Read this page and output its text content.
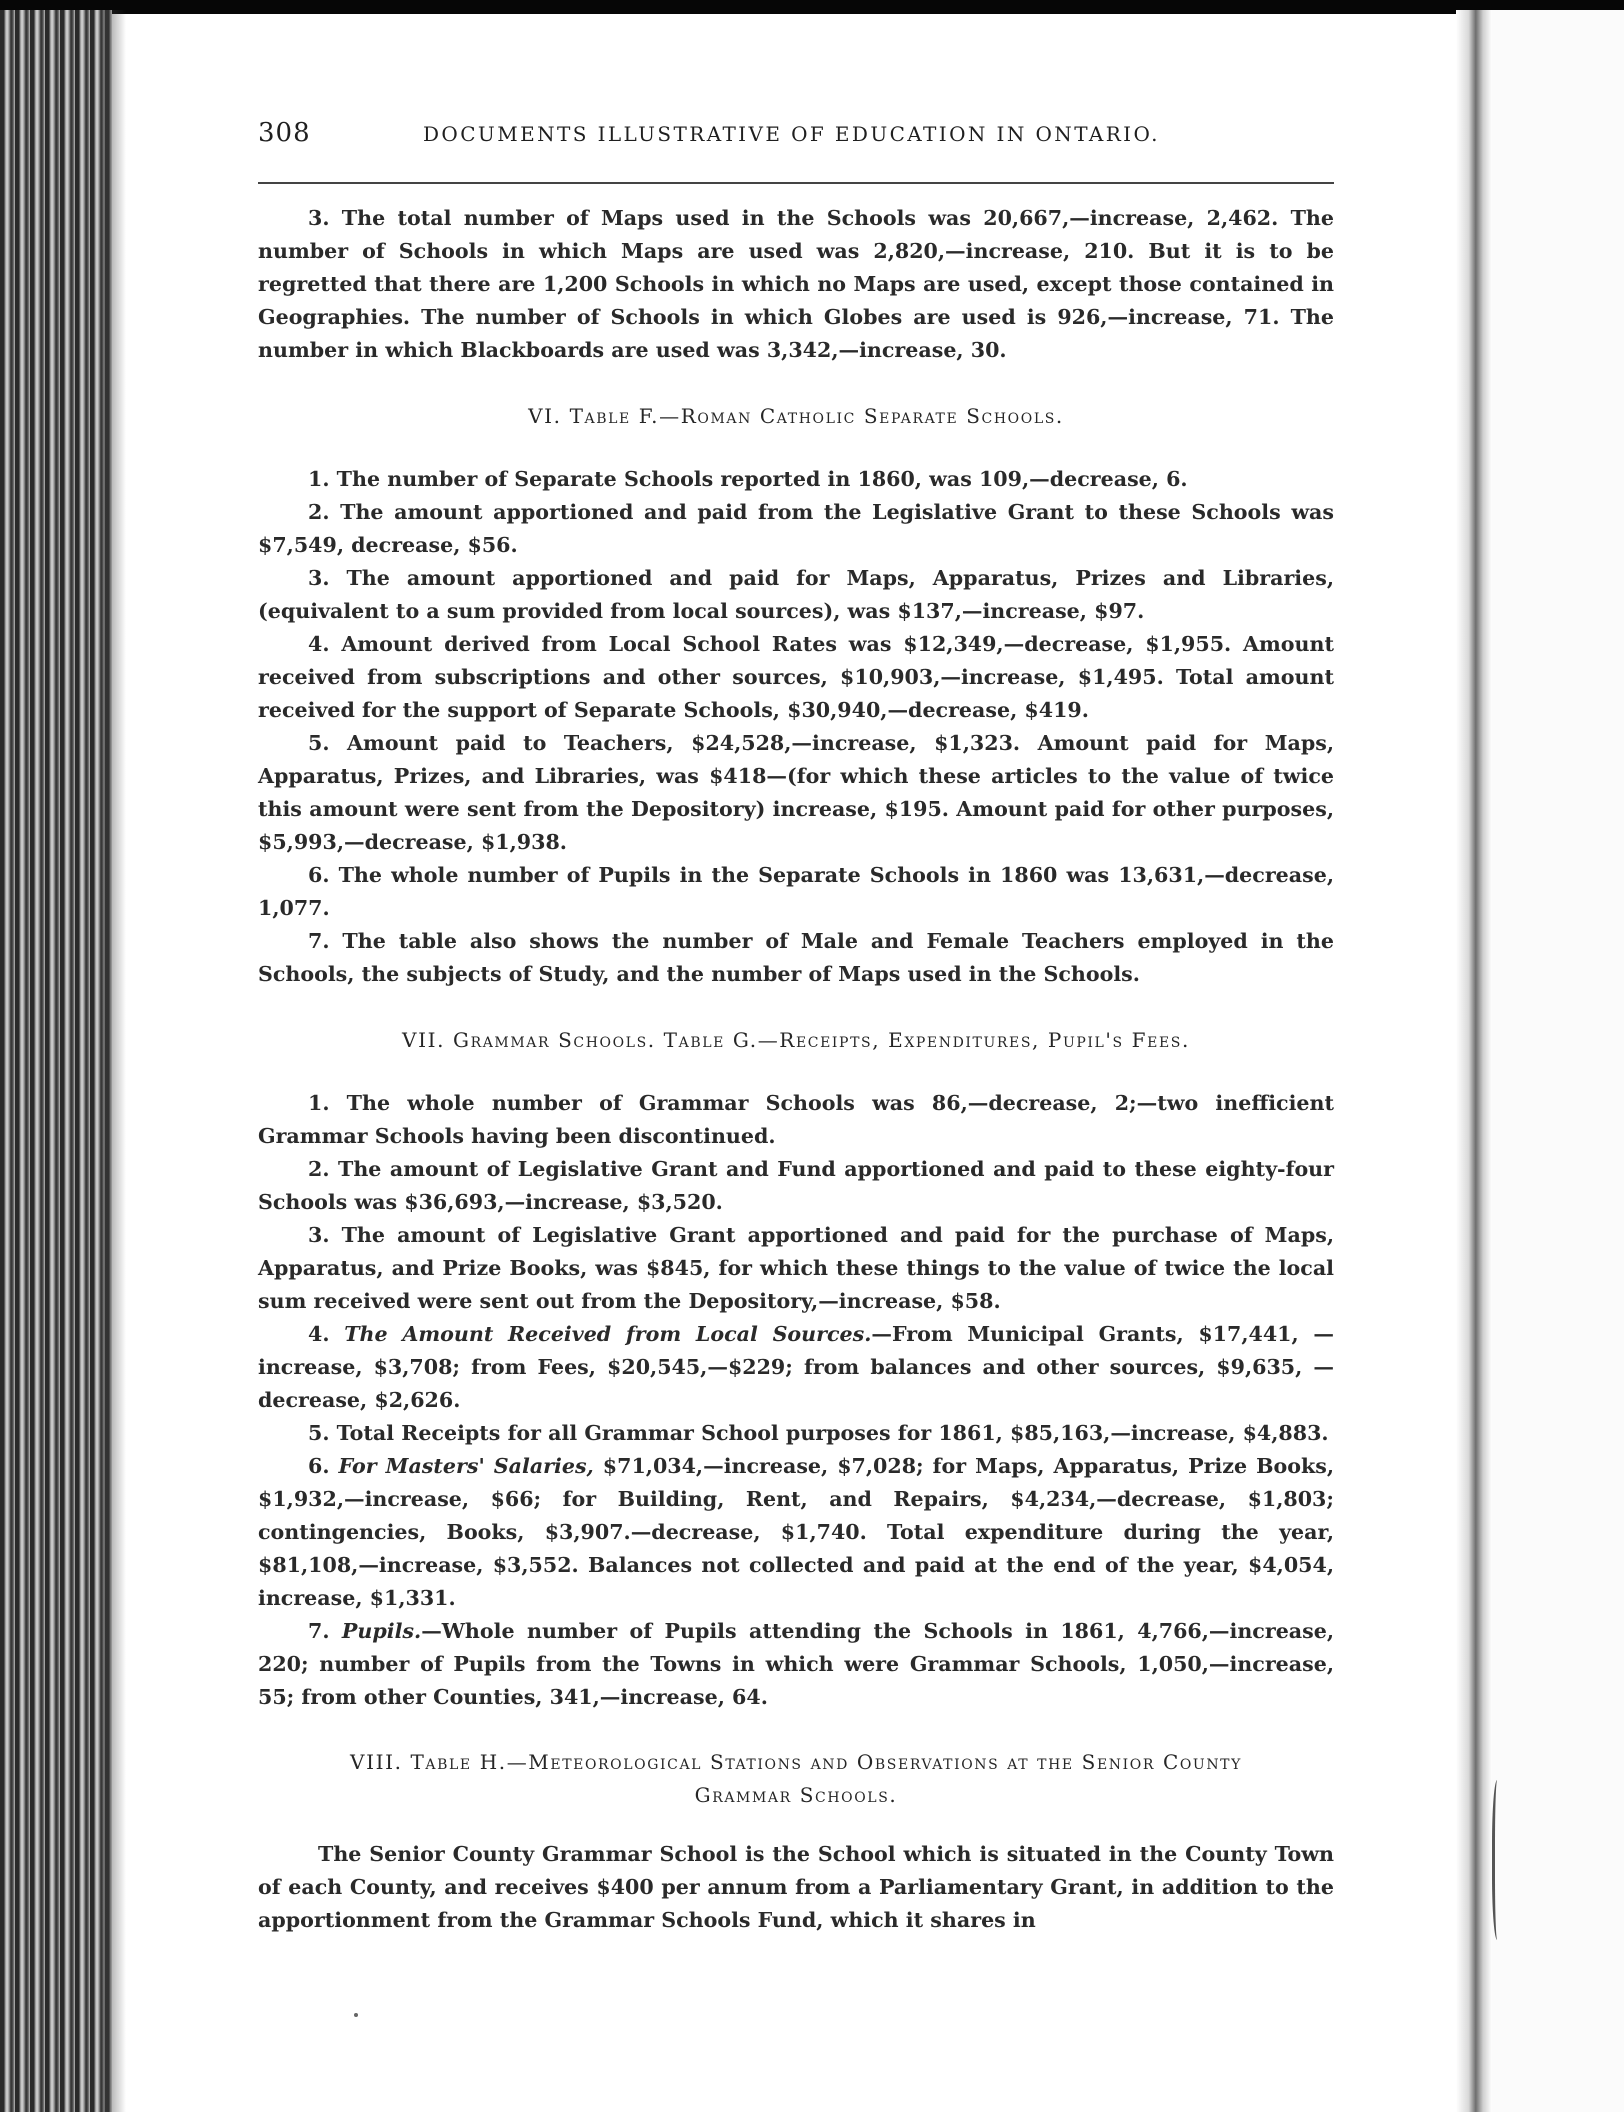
308	DOCUMENTS ILLUSTRATIVE OF EDUCATION IN ONTARIO.

3. The total number of Maps used in the Schools was 20,667,—increase, 2,462. The number of Schools in which Maps are used was 2,820,—increase, 210. But it is to be regretted that there are 1,200 Schools in which no Maps are used, except those contained in Geographies. The number of Schools in which Globes are used is 926,—increase, 71. The number in which Blackboards are used was 3,342,—increase, 30.

VI. Table F.—Roman Catholic Separate Schools.

1. The number of Separate Schools reported in 1860, was 109,—decrease, 6.

2. The amount apportioned and paid from the Legislative Grant to these Schools was $7,549, decrease, $56.

3. The amount apportioned and paid for Maps, Apparatus, Prizes and Libraries, (equivalent to a sum provided from local sources), was $137,—increase, $97.

4. Amount derived from Local School Rates was $12,349,—decrease, $1,955. Amount received from subscriptions and other sources, $10,903,—increase, $1,495. Total amount received for the support of Separate Schools, $30,940,—decrease, $419.

5. Amount paid to Teachers, $24,528,—increase, $1,323. Amount paid for Maps, Apparatus, Prizes, and Libraries, was $418—(for which these articles to the value of twice this amount were sent from the Depository) increase, $195. Amount paid for other purposes, $5,993,—decrease, $1,938.

6. The whole number of Pupils in the Separate Schools in 1860 was 13,631,—decrease, 1,077.

7. The table also shows the number of Male and Female Teachers employed in the Schools, the subjects of Study, and the number of Maps used in the Schools.

VII. Grammar Schools. Table G.—Receipts, Expenditures, Pupil's Fees.

1. The whole number of Grammar Schools was 86,—decrease, 2;—two inefficient Grammar Schools having been discontinued.

2. The amount of Legislative Grant and Fund apportioned and paid to these eighty-four Schools was $36,693,—increase, $3,520.

3. The amount of Legislative Grant apportioned and paid for the purchase of Maps, Apparatus, and Prize Books, was $845, for which these things to the value of twice the local sum received were sent out from the Depository,—increase, $58.

4. The Amount Received from Local Sources.—From Municipal Grants, $17,441, —increase, $3,708; from Fees, $20,545,—$229; from balances and other sources, $9,635, —decrease, $2,626.

5. Total Receipts for all Grammar School purposes for 1861, $85,163,—increase, $4,883.

6. For Masters' Salaries, $71,034,—increase, $7,028; for Maps, Apparatus, Prize Books, $1,932,—increase, $66; for Building, Rent, and Repairs, $4,234,—decrease, $1,803; contingencies, Books, $3,907.—decrease, $1,740. Total expenditure during the year, $81,108,—increase, $3,552. Balances not collected and paid at the end of the year, $4,054, increase, $1,331.

7. Pupils.—Whole number of Pupils attending the Schools in 1861, 4,766,—increase, 220; number of Pupils from the Towns in which were Grammar Schools, 1,050,—increase, 55; from other Counties, 341,—increase, 64.

VIII. Table H.—Meteorological Stations and Observations at the Senior County
Grammar Schools.

The Senior County Grammar School is the School which is situated in the County Town of each County, and receives $400 per annum from a Parliamentary Grant, in addition to the apportionment from the Grammar Schools Fund, which it shares in
